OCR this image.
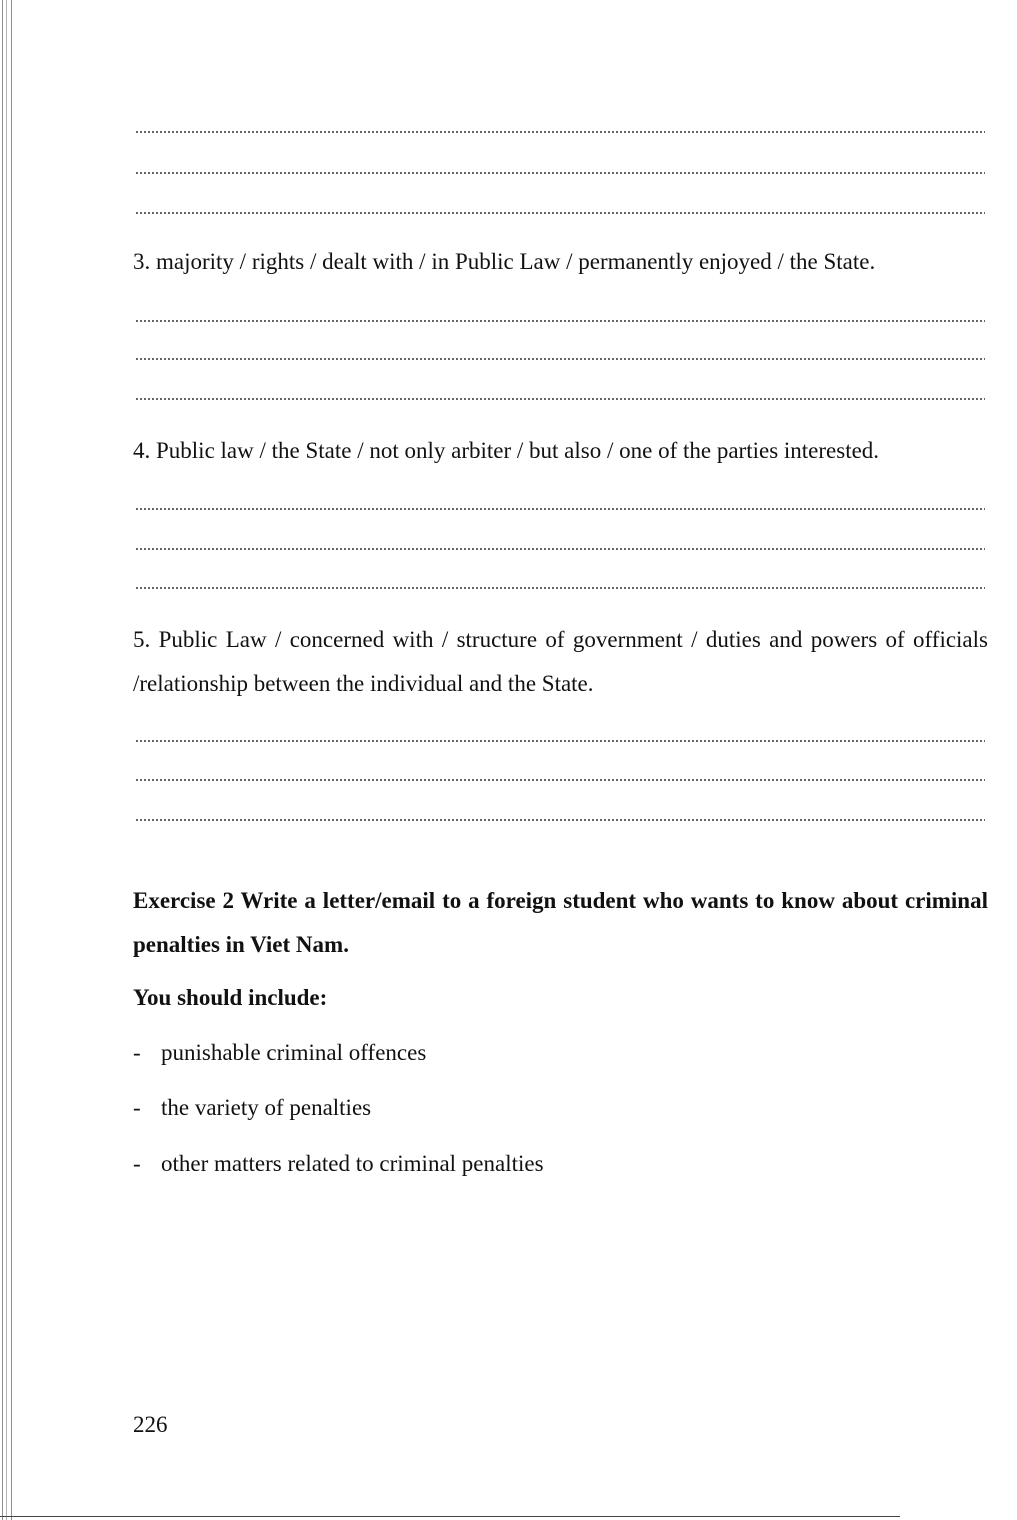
3. majority / rights / dealt with / in Public Law / permanently enjoyed / the State.
4. Public law / the State / not only arbiter / but also / one of the parties interested.
5. Public Law / concerned with / structure of government / duties and powers of officials /relationship between the individual and the State.
Exercise 2 Write a letter/email to a foreign student who wants to know about criminal penalties in Viet Nam.
You should include:
- punishable criminal offences
- the variety of penalties
- other matters related to criminal penalties
226
